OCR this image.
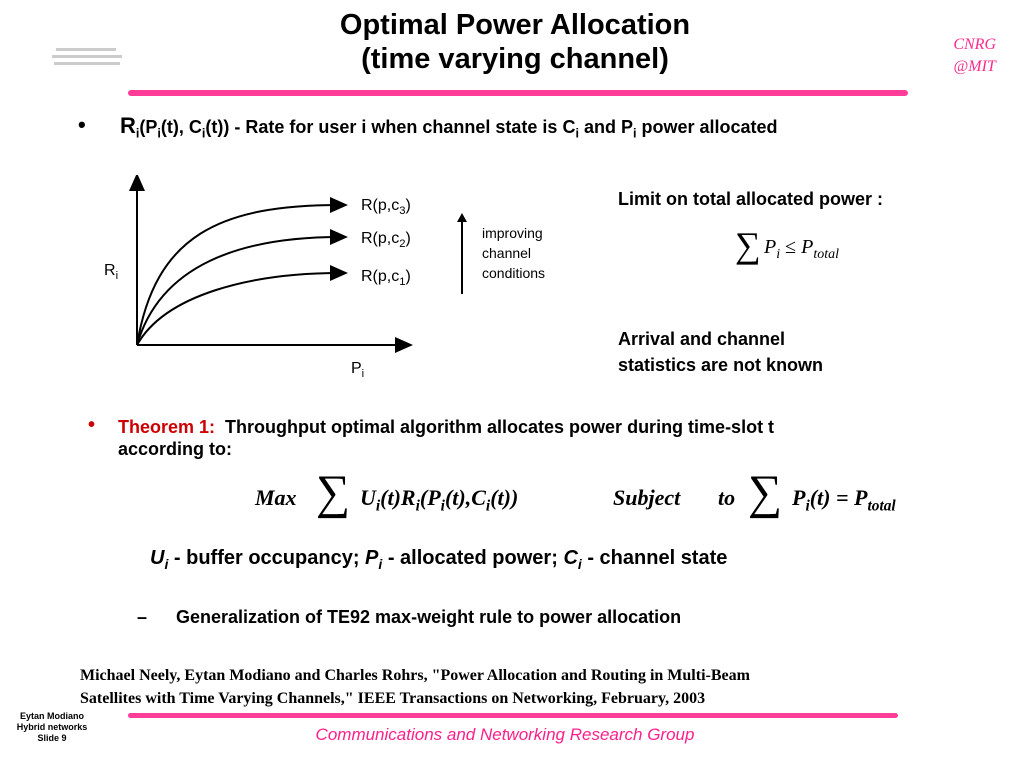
Optimal Power Allocation
(time varying channel)	CNRG
@MIT
• $R_i(P_i(t)$, $C_i(t)$) - Rate for user i when channel state is $C_i$ and $P_i$ power allocated
$R_i$
$P_i$
$R(p,c_3)$
$R(p,c_2)$
$R(p,c_1)$
improving
channel
conditions
Limit on total allocated power :
∑ $P_i \le P_{total}$
Arrival and channel
statistics are not known
• Theorem 1: Throughput optimal algorithm allocates power during time-slot t
according to:
Max ∑ $U_i(t)R_i(P_i(t),C_i(t))$	Subject to ∑ $P_i(t) = P_{total}$
$U_i$ - buffer occupancy; $P_i$ - allocated power; $C_i$ - channel state
– Generalization of TE92 max-weight rule to power allocation
Michael Neely, Eytan Modiano and Charles Rohrs, "Power Allocation and Routing in Multi-Beam
Satellites with Time Varying Channels," IEEE Transactions on Networking, February, 2003
Eytan Modiano
Hybrid networks
Slide 9	Communications and Networking Research Group
